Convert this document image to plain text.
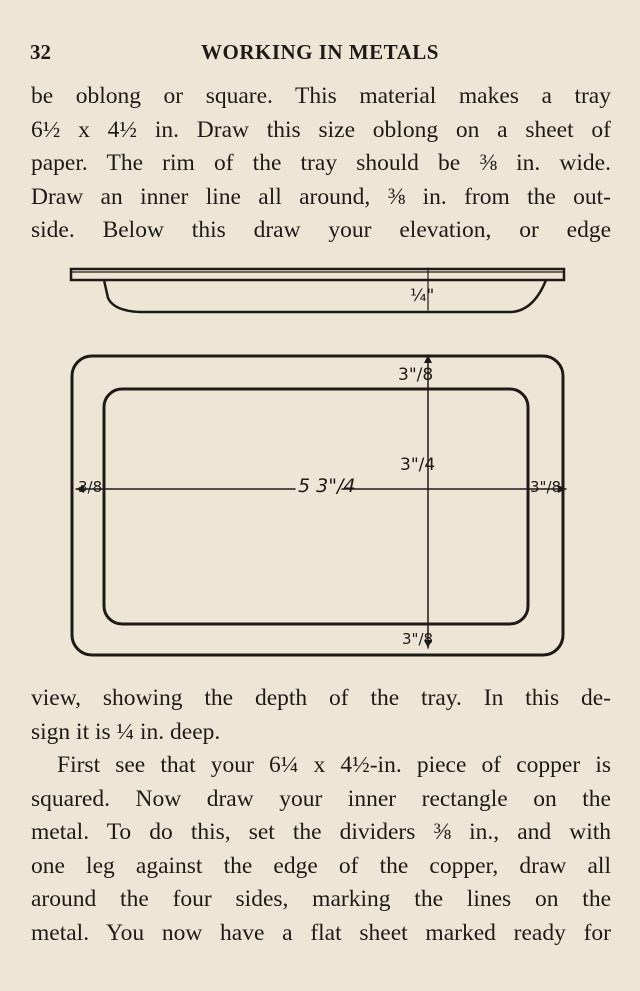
32	WORKING IN METALS
be oblong or square. This material makes a tray
6½ x 4½ in. Draw this size oblong on a sheet of
paper. The rim of the tray should be ⅜ in. wide.
Draw an inner line all around, ⅜ in. from the out-
side. Below this draw your elevation, or edge
¼"
3"/8
3"/4
5 3"/4
3/8	3"/8
3"/8
view, showing the depth of the tray. In this de-
sign it is ¼ in. deep.
First see that your 6¼ x 4½-in. piece of copper is
squared. Now draw your inner rectangle on the
metal. To do this, set the dividers ⅜ in., and with
one leg against the edge of the copper, draw all
around the four sides, marking the lines on the
metal. You now have a flat sheet marked ready for
